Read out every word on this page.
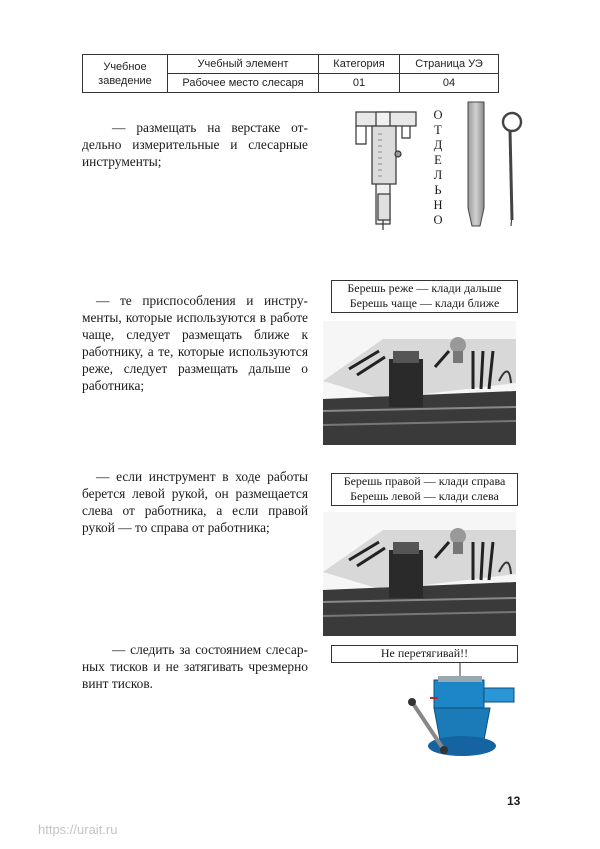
Учебное заведение	Учебный элемент	Категория	Страница УЭ
	Рабочее место слесаря	01	04

— размещать на верстаке отдельно измерительные и слесарные инструменты;

О
Т
Д
Е
Л
Ь
Н
О

— те приспособления и инструменты, которые используются в работе чаще, следует размещать ближе к работнику, а те, которые используются реже, следует размещать дальше о работника;

Берешь реже — клади дальше
Берешь чаще — клади ближе

— если инструмент в ходе работы берется левой рукой, он размещается слева от работника, а если правой рукой — то справа от работника;

Берешь правой — клади справа
Берешь левой — клади слева

— следить за состоянием слесарных тисков и не затягивать чрезмерно винт тисков.

Не перетягивай!!
13
https://urait.ru
